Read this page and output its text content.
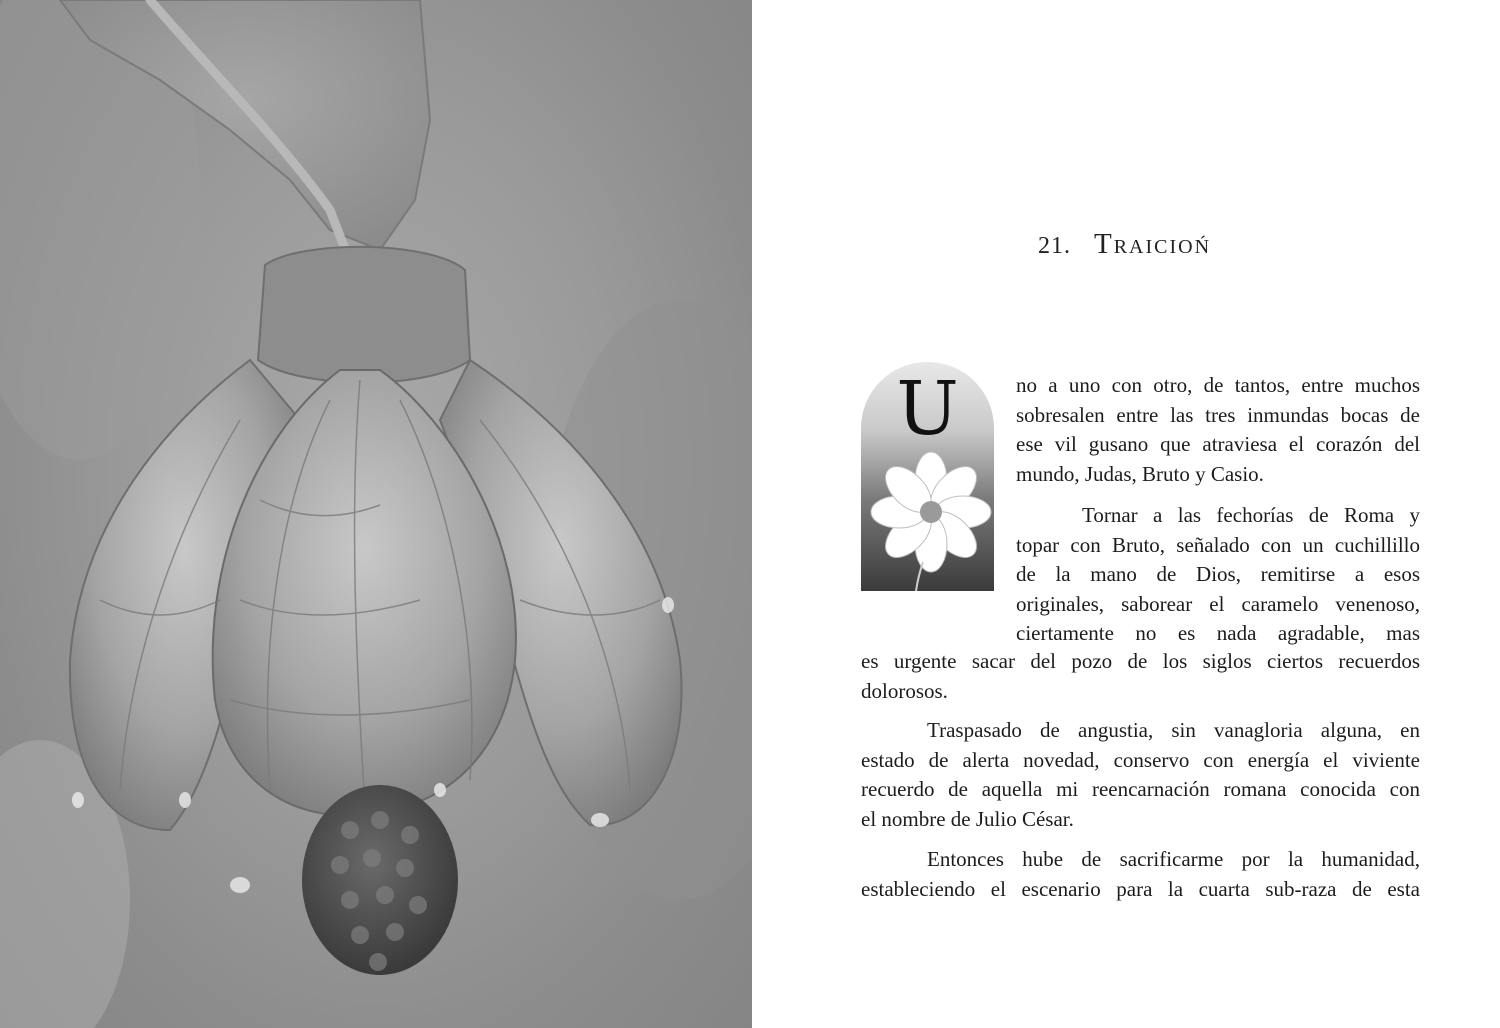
21. Traicioń
U	no a uno con otro, de tantos, entre muchos
sobresalen entre las tres inmundas bocas de
ese vil gusano que atraviesa el corazón del
mundo, Judas, Bruto y Casio.

Tornar a las fechorías de Roma y
topar con Bruto, señalado con un cuchillillo
de la mano de Dios, remitirse a esos
originales, saborear el caramelo venenoso,
ciertamente no es nada agradable, mas

es urgente sacar del pozo de los siglos ciertos recuerdos
dolorosos.

Traspasado de angustia, sin vanagloria alguna, en
estado de alerta novedad, conservo con energía el viviente
recuerdo de aquella mi reencarnación romana conocida con
el nombre de Julio César.

Entonces hube de sacrificarme por la humanidad,
estableciendo el escenario para la cuarta sub-raza de esta
